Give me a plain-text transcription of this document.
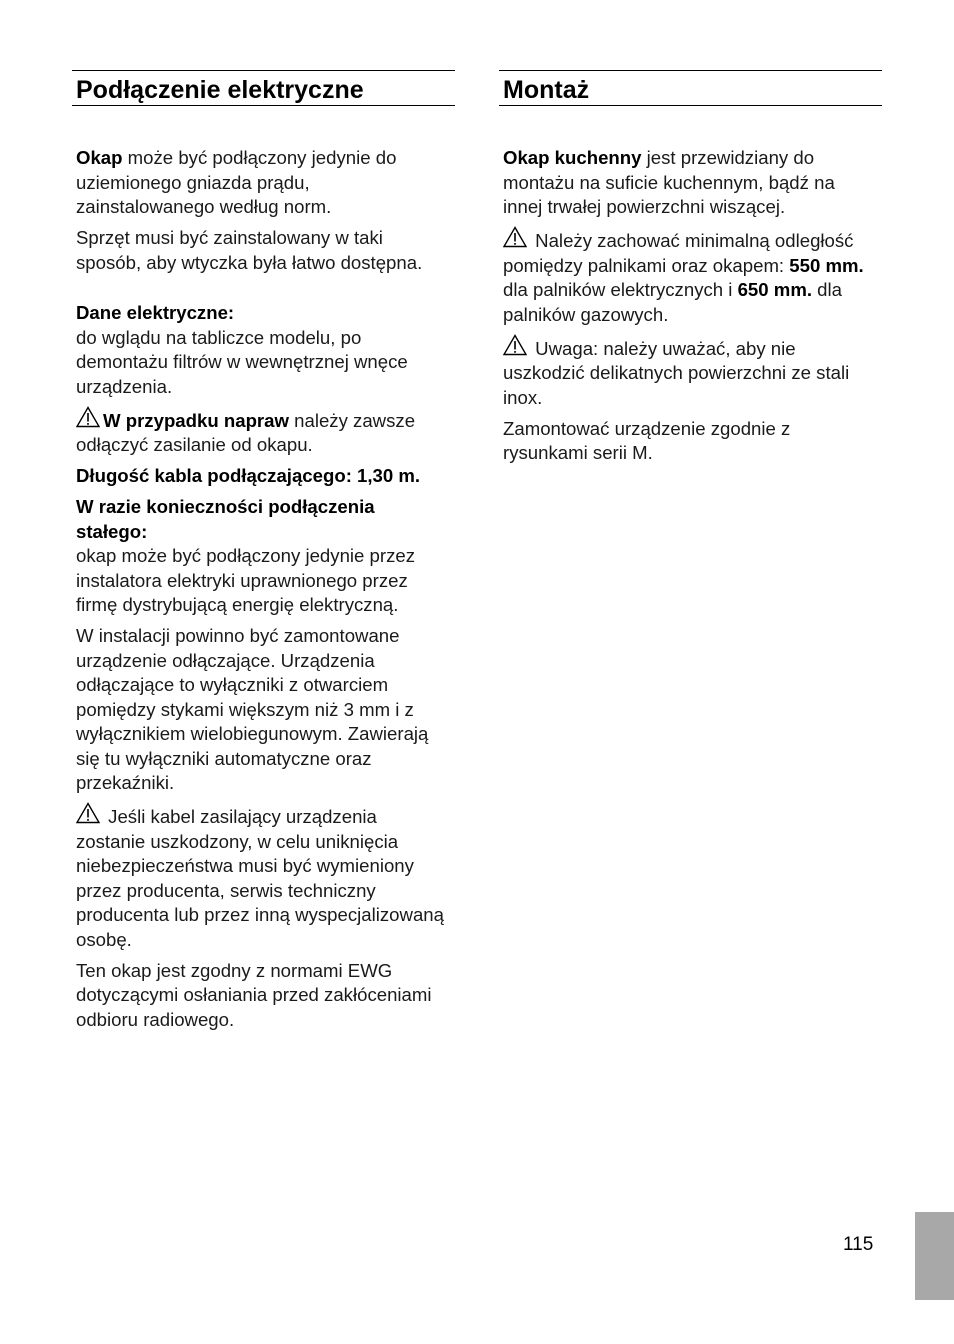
Podłączenie elektryczne

Okap może być podłączony jedynie do uziemionego gniazda prądu, zainstalowanego według norm.

Sprzęt musi być zainstalowany w taki sposób, aby wtyczka była łatwo dostępna.

Dane elektryczne:
do wglądu na tabliczce modelu, po demontażu filtrów w wewnętrznej wnęce urządzenia.

W przypadku napraw należy zawsze odłączyć zasilanie od okapu.

Długość kabla podłączającego: 1,30 m.

W razie konieczności podłączenia stałego:
okap może być podłączony jedynie przez instalatora elektryki uprawnionego przez firmę dystrybującą energię elektryczną.

W instalacji powinno być zamontowane urządzenie odłączające. Urządzenia odłączające to wyłączniki z otwarciem pomiędzy stykami większym niż 3 mm i z wyłącznikiem wielobiegunowym. Zawierają się tu wyłączniki automatyczne oraz przekaźniki.

Jeśli kabel zasilający urządzenia zostanie uszkodzony, w celu uniknięcia niebezpieczeństwa musi być wymieniony przez producenta, serwis techniczny producenta lub przez inną wyspecjalizowaną osobę.

Ten okap jest zgodny z normami EWG dotyczącymi osłaniania przed zakłóceniami odbioru radiowego.

Montaż

Okap kuchenny jest przewidziany do montażu na suficie kuchennym, bądź na innej trwałej powierzchni wiszącej.

Należy zachować minimalną odległość pomiędzy palnikami oraz okapem: 550 mm. dla palników elektrycznych i 650 mm. dla palników gazowych.

Uwaga: należy uważać, aby nie uszkodzić delikatnych powierzchni ze stali inox.

Zamontować urządzenie zgodnie z rysunkami serii M.

115
